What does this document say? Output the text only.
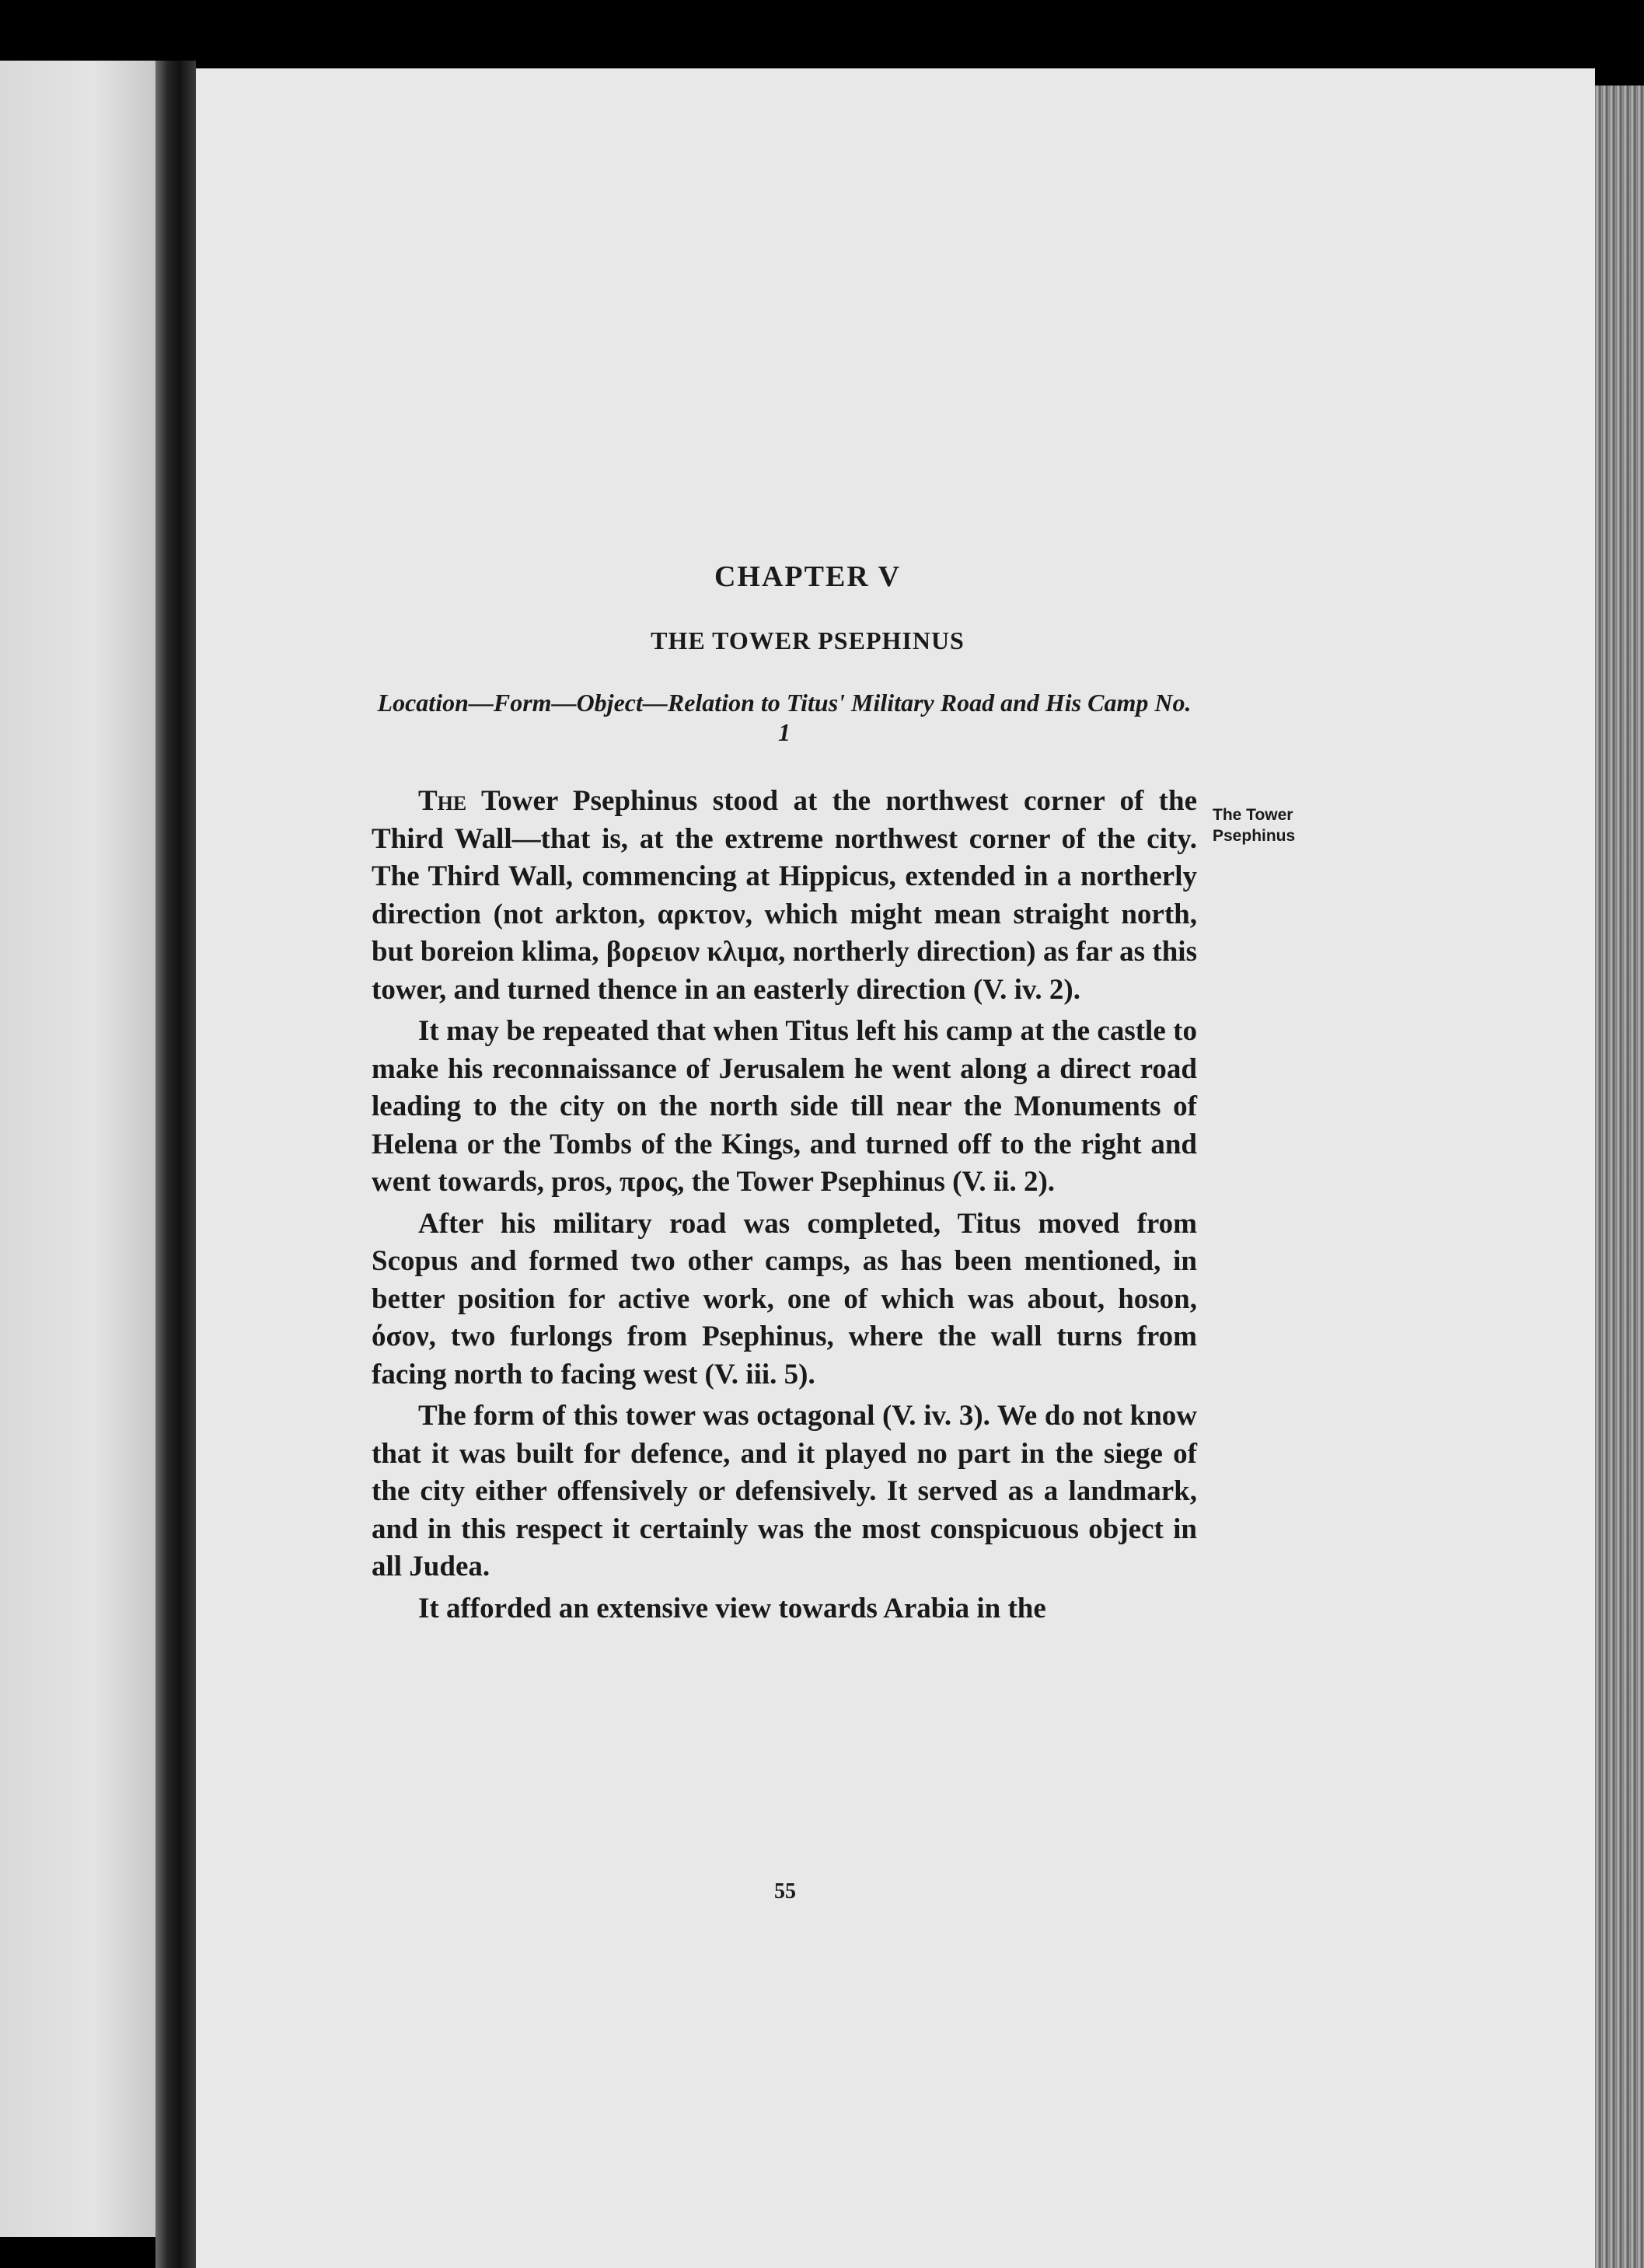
CHAPTER V
THE TOWER PSEPHINUS
Location—Form—Object—Relation to Titus' Military Road and His Camp No. 1

The Tower Psephinus stood at the northwest corner of the Third Wall—that is, at the extreme northwest corner of the city. The Third Wall, commencing at Hippicus, extended in a northerly direction (not arkton, αρκτον, which might mean straight north, but boreion klima, βορειον κλιμα, northerly direction) as far as this tower, and turned thence in an easterly direction (V. iv. 2).

It may be repeated that when Titus left his camp at the castle to make his reconnaissance of Jerusalem he went along a direct road leading to the city on the north side till near the Monuments of Helena or the Tombs of the Kings, and turned off to the right and went towards, pros, προς, the Tower Psephinus (V. ii. 2).

After his military road was completed, Titus moved from Scopus and formed two other camps, as has been mentioned, in better position for active work, one of which was about, hoson, όσον, two furlongs from Psephinus, where the wall turns from facing north to facing west (V. iii. 5).

The form of this tower was octagonal (V. iv. 3). We do not know that it was built for defence, and it played no part in the siege of the city either offensively or defensively. It served as a landmark, and in this respect it certainly was the most conspicuous object in all Judea.

It afforded an extensive view towards Arabia in the

The Tower Psephinus
55
